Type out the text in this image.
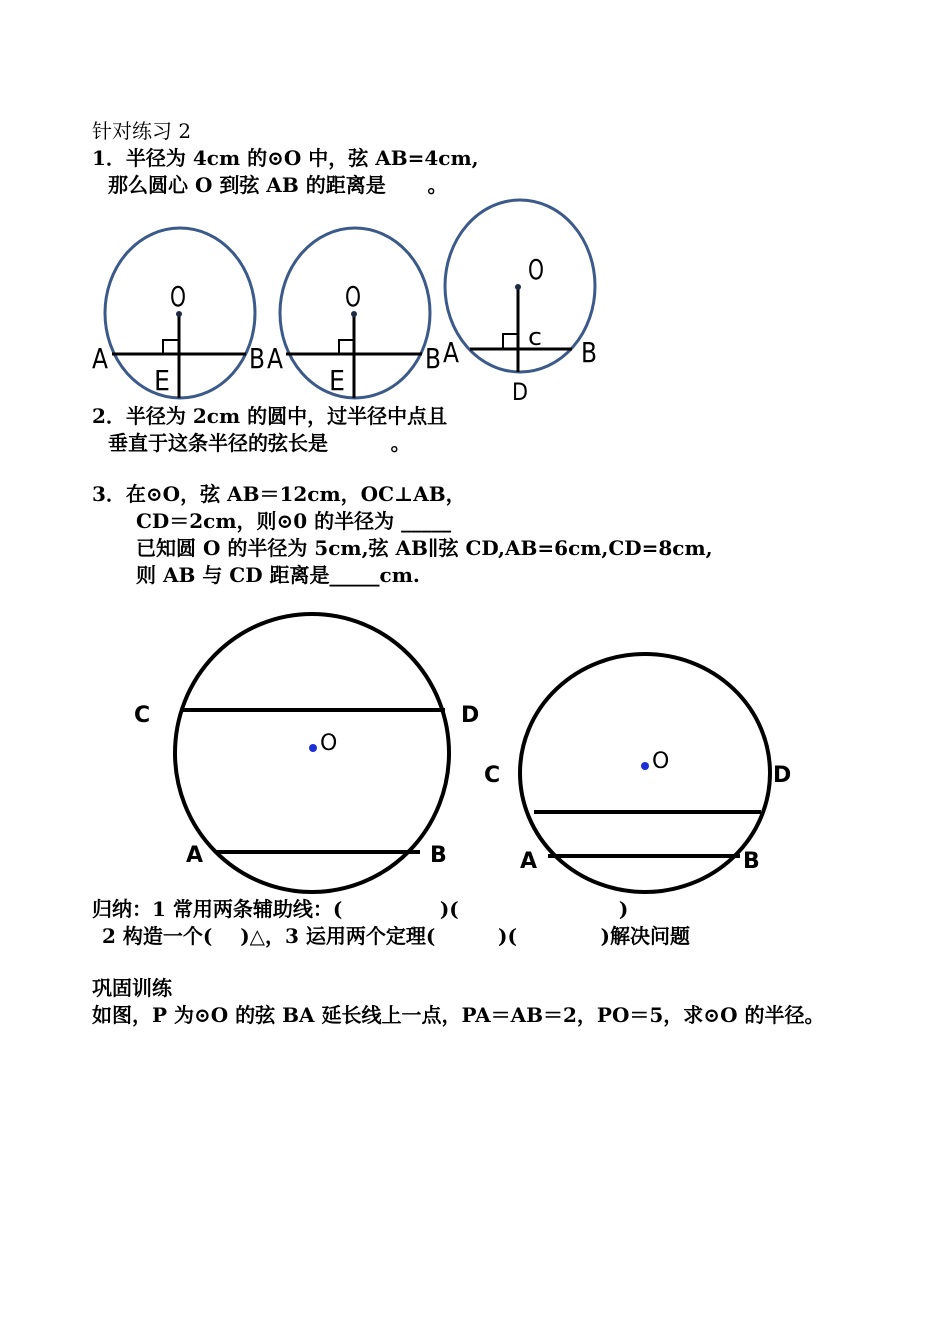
针对练习 2
1．半径为 4cm 的⊙O 中，弦 AB=4cm,
那么圆心 O 到弦 AB 的距离是      。
2．半径为 2cm 的圆中，过半径中点且
垂直于这条半径的弦长是         。
3．在⊙O，弦 AB＝12cm，OC⊥AB，
CD＝2cm，则⊙0 的半径为 _____
已知圆 O 的半径为 5cm,弦 AB∥弦 CD,AB=6cm,CD=8cm,
则 AB 与 CD 距离是_____cm.
归纳：1 常用两条辅助线：(              )(                       )
2 构造一个(    )△，3 运用两个定理(         )(            )解决问题
巩固训练
如图，P 为⊙O 的弦 BA 延长线上一点，PA＝AB＝2，PO＝5，求⊙O 的半径。
A	B
O
E
A	B
O
E
A	B
O
c
D
C	D
A	B
C	D
A	B
O
O
